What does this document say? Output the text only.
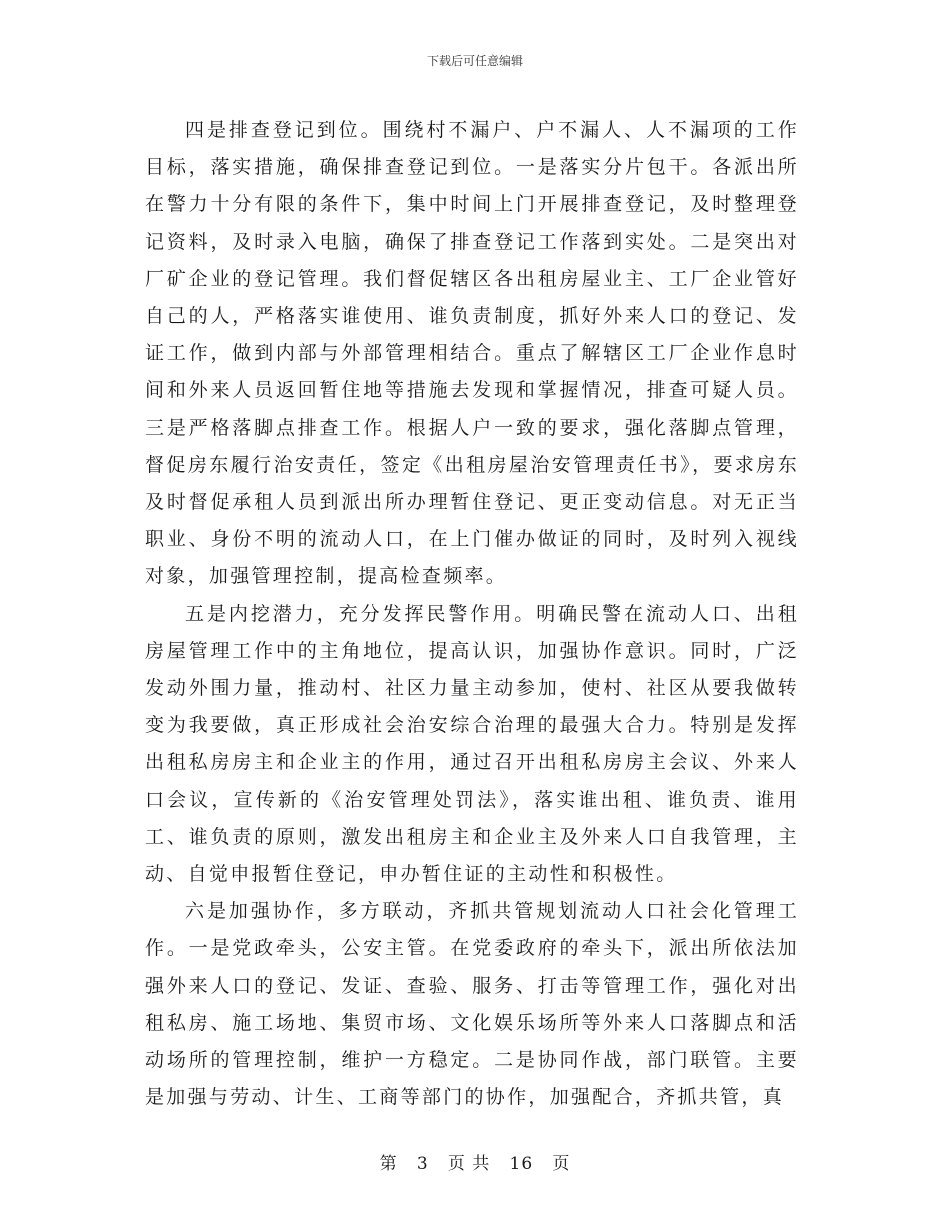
下载后可任意编辑

四是排查登记到位。围绕村不漏户、户不漏人、人不漏项的工作目标，落实措施，确保排查登记到位。一是落实分片包干。各派出所在警力十分有限的条件下，集中时间上门开展排查登记，及时整理登记资料，及时录入电脑，确保了排查登记工作落到实处。二是突出对厂矿企业的登记管理。我们督促辖区各出租房屋业主、工厂企业管好自己的人，严格落实谁使用、谁负责制度，抓好外来人口的登记、发证工作，做到内部与外部管理相结合。重点了解辖区工厂企业作息时间和外来人员返回暂住地等措施去发现和掌握情况，排查可疑人员。三是严格落脚点排查工作。根据人户一致的要求，强化落脚点管理，督促房东履行治安责任，签定《出租房屋治安管理责任书》，要求房东及时督促承租人员到派出所办理暂住登记、更正变动信息。对无正当职业、身份不明的流动人口，在上门催办做证的同时，及时列入视线对象，加强管理控制，提高检查频率。

五是内挖潜力，充分发挥民警作用。明确民警在流动人口、出租房屋管理工作中的主角地位，提高认识，加强协作意识。同时，广泛发动外围力量，推动村、社区力量主动参加，使村、社区从要我做转变为我要做，真正形成社会治安综合治理的最强大合力。特别是发挥出租私房房主和企业主的作用，通过召开出租私房房主会议、外来人口会议，宣传新的《治安管理处罚法》，落实谁出租、谁负责、谁用工、谁负责的原则，激发出租房主和企业主及外来人口自我管理，主动、自觉申报暂住登记，申办暂住证的主动性和积极性。

六是加强协作，多方联动，齐抓共管规划流动人口社会化管理工作。一是党政牵头，公安主管。在党委政府的牵头下，派出所依法加强外来人口的登记、发证、查验、服务、打击等管理工作，强化对出租私房、施工场地、集贸市场、文化娱乐场所等外来人口落脚点和活动场所的管理控制，维护一方稳定。二是协同作战，部门联管。主要是加强与劳动、计生、工商等部门的协作，加强配合，齐抓共管，真

第 3 页 共 16 页
